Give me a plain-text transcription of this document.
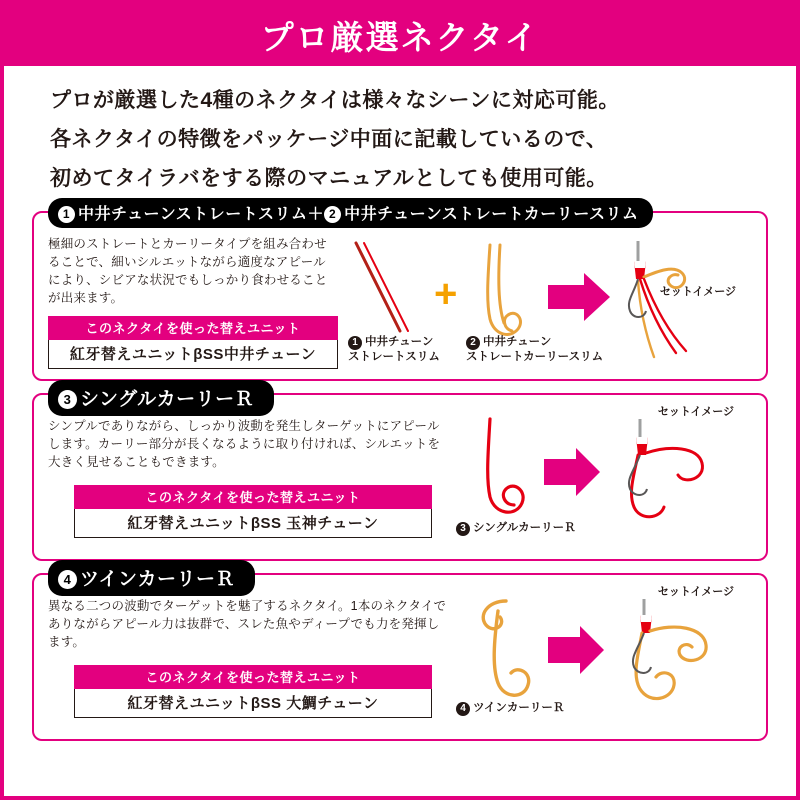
プロ厳選ネクタイ

プロが厳選した4種のネクタイは様々なシーンに対応可能。

各ネクタイの特徴をパッケージ中面に記載しているので、

初めてタイラバをする際のマニュアルとしても使用可能。

1 中井チューンストレートスリム＋ 2 中井チューンストレートカーリースリム

極細のストレートとカーリータイプを組み合わせることで、細いシルエットながら適度なアピールにより、シビアな状況でもしっかり食わせることが出来ます。

このネクタイを使った替えユニット
紅牙替えユニットβSS中井チューン
セットイメージ
+
1 中井チューン
ストレートスリム
2 中井チューン
ストレートカーリースリム
3 シングルカーリーＲ

シンプルでありながら、しっかり波動を発生しターゲットにアピールします。カーリー部分が長くなるように取り付ければ、シルエットを大きく見せることもできます。

このネクタイを使った替えユニット
紅牙替えユニットβSS 玉神チューン
セットイメージ
3 シングルカーリーＲ
4 ツインカーリーＲ

異なる二つの波動でターゲットを魅了するネクタイ。1本のネクタイでありながらアピール力は抜群で、スレた魚やディープでも力を発揮します。

このネクタイを使った替えユニット
紅牙替えユニットβSS 大鯛チューン
セットイメージ
4 ツインカーリーＲ
